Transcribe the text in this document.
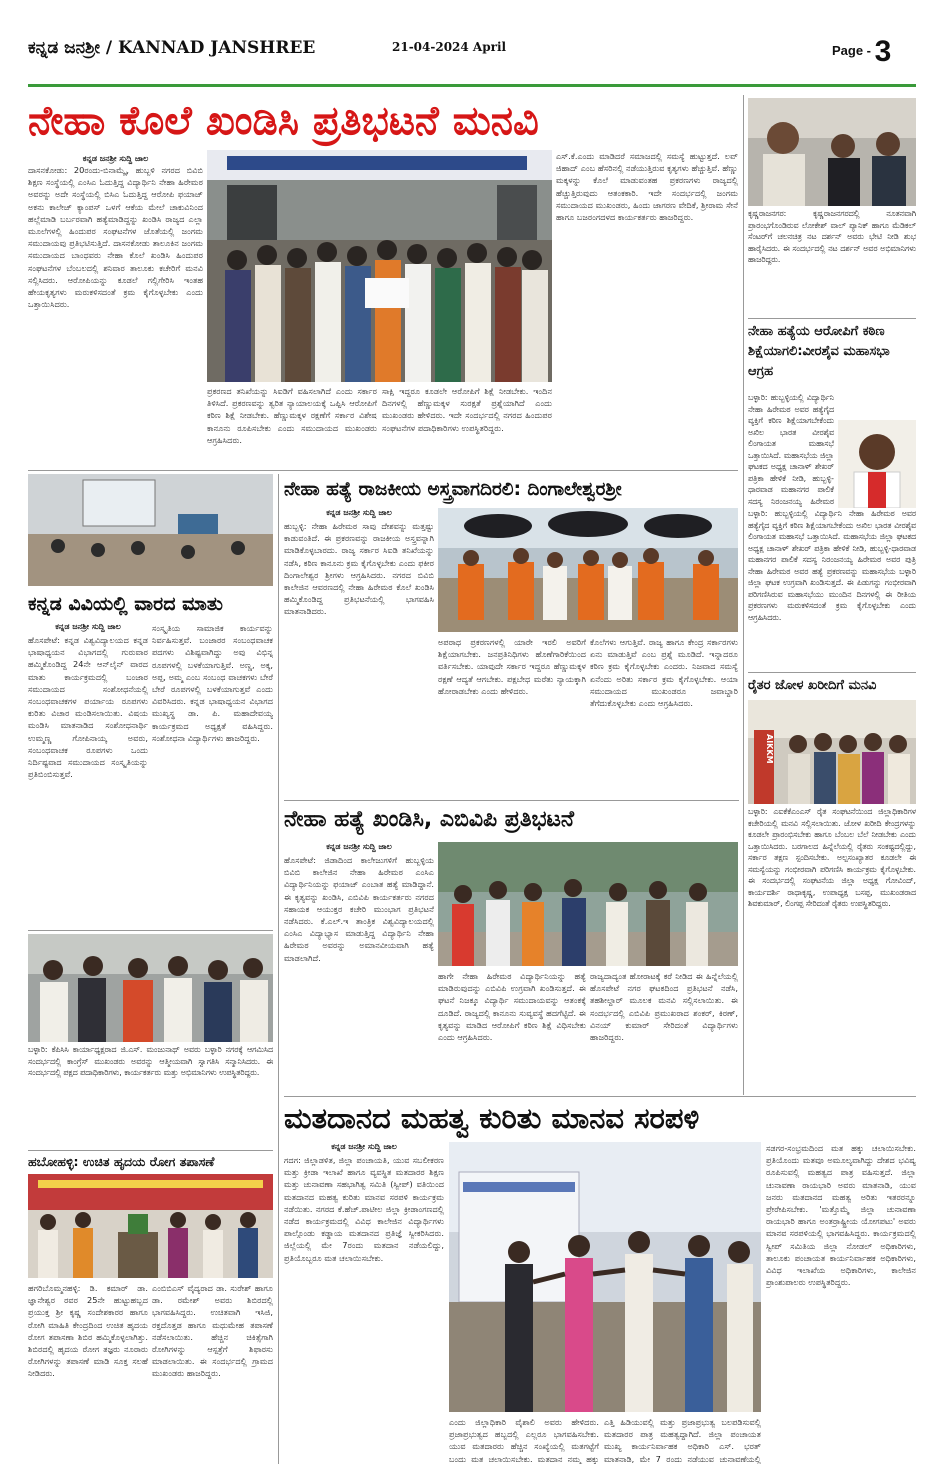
ಕನ್ನಡ ಜನಶ್ರೀ / KANNAD JANSHREE	21-04-2024 April	Page - 3
ನೇಹಾ ಕೊಲೆ ಖಂಡಿಸಿ ಪ್ರತಿಭಟನೆ ಮನವಿ
ಕನ್ನಡ ಜನಶ್ರೀ ಸುದ್ದಿ ಜಾಲ
ದಾಸನಕೋಡು: 20ರಂದು-ಬಿನಾಮ್ಕೈ, ಹುಬ್ಬಳಿ ನಗರದ ಬಿವಿಬಿ ಶಿಕ್ಷಣ ಸಂಸ್ಥೆಯಲ್ಲಿ ಎಂಸಿಎ ಓದುತ್ತಿದ್ದ ವಿದ್ಯಾರ್ಥಿನಿ ನೇಹಾ ಹಿರೇಮಠ ಅವರನ್ನು ಅದೇ ಸಂಸ್ಥೆಯಲ್ಲಿ ಬಿಸಿಎ ಓದುತ್ತಿದ್ದ ಆರೋಪಿ ಫಯಾಜ್ ಅಕನು ಕಾಲೇಜ್ ಕ್ಯಾಂಪಸ್ ಒಳಗೆ ಆಕೆಯ ಮೇಲೆ ಚಾಕುವಿನಿಂದ ಹಲ್ಲೆಮಾಡಿ ಬರ್ಬರವಾಗಿ ಹತ್ಯೆಮಾಡಿದ್ದನ್ನು ಖಂಡಿಸಿ ರಾಜ್ಯದ ಎಲ್ಲಾ ಮೂಲೆಗಳಲ್ಲಿ ಹಿಂದುಪರ ಸಂಘಟನೆಗಳ ಜೊತೆಯಲ್ಲಿ ಜಂಗಮ ಸಮುದಾಯವು ಪ್ರತಿಭಟಿಸುತ್ತಿದೆ. ದಾಸನಕೋಡು ತಾಲೂಕಿನ ಜಂಗಮ ಸಮುದಾಯದ ಬಾಂಧವರು ನೇಹಾ ಕೊಲೆ ಖಂಡಿಸಿ ಹಿಂದುಪರ ಸಂಘಟನೆಗಳ ಬೆಂಬಲದಲ್ಲಿ ಶನಿವಾರ ತಾಲೂಕು ಕಚೇರಿಗೆ ಮನವಿ ಸಲ್ಲಿಸಿದರು. ಆರೋಪಿಯನ್ನು ಕೂಡಲೆ ಗಲ್ಲಿಗೇರಿಸಿ ಇಂತಹ ಹೇಯಕೃತ್ಯಗಳು ಮರುಕಳಿಸದಂತೆ ಕ್ರಮ ಕೈಗೊಳ್ಳಬೇಕು ಎಂದು ಒತ್ತಾಯಿಸಿದರು.
ಪ್ರಕರಣದ ತನಿಖೆಯನ್ನು ಸಿಐಡಿಗೆ ವಹಿಸಲಾಗಿದೆ ಎಂದು ಸರ್ಕಾರ ತಿಳಿಸಿದೆ. ಪ್ರಕರಣವನ್ನು ತ್ವರಿತ ನ್ಯಾಯಾಲಯಕ್ಕೆ ಒಪ್ಪಿಸಿ ಆರೋಪಿಗೆ ಕಠಿಣ ಶಿಕ್ಷೆ ನೀಡಬೇಕು. ಹೆಣ್ಣುಮಕ್ಕಳ ರಕ್ಷಣೆಗೆ ಸರ್ಕಾರ ವಿಶೇಷ ಕಾನೂನು ರೂಪಿಸಬೇಕು ಎಂದು ಸಮುದಾಯದ ಮುಖಂಡರು ಆಗ್ರಹಿಸಿದರು.
ಸಾಕ್ಷಿ ಇದ್ದರೂ ಕೂಡಲೇ ಆರೋಪಿಗೆ ಶಿಕ್ಷೆ ನೀಡಬೇಕು. ಇಂದಿನ ದಿನಗಳಲ್ಲಿ ಹೆಣ್ಣುಮಕ್ಕಳ ಸುರಕ್ಷತೆ ಪ್ರಶ್ನೆಯಾಗಿದೆ ಎಂದು ಮುಖಂಡರು ಹೇಳಿದರು. ಇದೇ ಸಂದರ್ಭದಲ್ಲಿ ನಗರದ ಹಿಂದುಪರ ಸಂಘಟನೆಗಳ ಪದಾಧಿಕಾರಿಗಳು ಉಪಸ್ಥಿತರಿದ್ದರು.
ಎಸ್.ಕೆ.ಎಂದು ಮಾಡಿದರೆ ಸಮಾಜದಲ್ಲಿ ಸಮಸ್ಯೆ ಹುಟ್ಟುತ್ತದೆ. ಲವ್ ಜಿಹಾದ್ ಎಂಬ ಹೆಸರಿನಲ್ಲಿ ನಡೆಯುತ್ತಿರುವ ಕೃತ್ಯಗಳು ಹೆಚ್ಚುತ್ತಿವೆ. ಹೆಣ್ಣು ಮಕ್ಕಳನ್ನು ಕೊಲೆ ಮಾಡುವಂತಹ ಪ್ರಕರಣಗಳು ರಾಜ್ಯದಲ್ಲಿ ಹೆಚ್ಚುತ್ತಿರುವುದು ಆತಂಕಕಾರಿ. ಇದೇ ಸಂದರ್ಭದಲ್ಲಿ ಜಂಗಮ ಸಮುದಾಯದ ಮುಖಂಡರು, ಹಿಂದು ಜಾಗರಣ ವೇದಿಕೆ, ಶ್ರೀರಾಮ ಸೇನೆ ಹಾಗೂ ಬಜರಂಗದಳದ ಕಾರ್ಯಕರ್ತರು ಹಾಜರಿದ್ದರು.	ಕೃಷ್ಣರಾಜನಗರ: ಕೃಷ್ಣರಾಜನಗರದಲ್ಲಿ ನೂತನವಾಗಿ ಪ್ರಾರಂಭಗೊಂಡಿರುವ ಲೋಕೇಶ್ ವಾಲ್ ಪ್ಯಾನಿಕ್ ಹಾಗೂ ಮೆಡಿಕಲ್ ಸೆಂಟರ್‌ಗೆ ಚಲನಚಿತ್ರ ನಟ ದರ್ಶನ್ ಅವರು ಭೇಟಿ ನೀಡಿ ಶುಭ ಹಾರೈಸಿದರು. ಈ ಸಂದರ್ಭದಲ್ಲಿ ನಟ ದರ್ಶನ್ ಅವರ ಅಭಿಮಾನಿಗಳು ಹಾಜರಿದ್ದರು.
ನೇಹಾ ಹತ್ಯೆಯ ಆರೋಪಿಗೆ ಕಠಿಣ ಶಿಕ್ಷೆಯಾಗಲಿ:ವೀರಶೈವ ಮಹಾಸಭಾ ಆಗ್ರಹ
ಬಳ್ಳಾರಿ: ಹುಬ್ಬಳ್ಳಿಯಲ್ಲಿ ವಿದ್ಯಾರ್ಥಿನಿ ನೇಹಾ ಹಿರೇಮಠ ಅವರ ಹತ್ಯೆಗೈದ ವ್ಯಕ್ತಿಗೆ ಕಠಿಣ ಶಿಕ್ಷೆಯಾಗಬೇಕೆಂದು ಅಖಿಲ ಭಾರತ ವೀರಶೈವ ಲಿಂಗಾಯತ ಮಹಾಸಭೆ ಒತ್ತಾಯಿಸಿದೆ. ಮಹಾಸಭೆಯ ಜಿಲ್ಲಾ ಘಟಕದ ಅಧ್ಯಕ್ಷ ಚಾನಾಳ್ ಶೇಖರ್ ಪತ್ರಿಕಾ ಹೇಳಿಕೆ ನೀಡಿ, ಹುಬ್ಬಳ್ಳಿ-ಧಾರವಾಡ ಮಹಾನಗರ ಪಾಲಿಕೆ ಸದಸ್ಯ ನಿರಂಜನಯ್ಯ ಹಿರೇಮಠ
ಬಳ್ಳಾರಿ: ಹುಬ್ಬಳ್ಳಿಯಲ್ಲಿ ವಿದ್ಯಾರ್ಥಿನಿ ನೇಹಾ ಹಿರೇಮಠ ಅವರ ಹತ್ಯೆಗೈದ ವ್ಯಕ್ತಿಗೆ ಕಠಿಣ ಶಿಕ್ಷೆಯಾಗಬೇಕೆಂದು ಅಖಿಲ ಭಾರತ ವೀರಶೈವ ಲಿಂಗಾಯತ ಮಹಾಸಭೆ ಒತ್ತಾಯಿಸಿದೆ. ಮಹಾಸಭೆಯ ಜಿಲ್ಲಾ ಘಟಕದ ಅಧ್ಯಕ್ಷ ಚಾನಾಳ್ ಶೇಖರ್ ಪತ್ರಿಕಾ ಹೇಳಿಕೆ ನೀಡಿ, ಹುಬ್ಬಳ್ಳಿ-ಧಾರವಾಡ ಮಹಾನಗರ ಪಾಲಿಕೆ ಸದಸ್ಯ ನಿರಂಜನಯ್ಯ ಹಿರೇಮಠ ಅವರ ಪುತ್ರಿ ನೇಹಾ ಹಿರೇಮಠ ಅವರ ಹತ್ಯೆ ಪ್ರಕರಣವನ್ನು ಮಹಾಸಭೆಯ ಬಳ್ಳಾರಿ ಜಿಲ್ಲಾ ಘಟಕ ಉಗ್ರವಾಗಿ ಖಂಡಿಸುತ್ತದೆ. ಈ ಪಿಡುಗನ್ನು ಗಂಭೀರವಾಗಿ ಪರಿಗಣಿಸಿರುವ ಮಹಾಸಭೆಯು ಮುಂದಿನ ದಿನಗಳಲ್ಲಿ ಈ ರೀತಿಯ ಪ್ರಕರಣಗಳು ಮರುಕಳಿಸದಂತೆ ಕ್ರಮ ಕೈಗೊಳ್ಳಬೇಕು ಎಂದು ಆಗ್ರಹಿಸಿದರು.
ರೈತರ ಜೋಳ ಖರೀದಿಗೆ ಮನವಿ
AIKKM
ಬಳ್ಳಾರಿ: ಎಐಕೆಕೆಎಂಎಸ್ ರೈತ ಸಂಘಟನೆಯಿಂದ ಜಿಲ್ಲಾಧಿಕಾರಿಗಳ ಕಚೇರಿಯಲ್ಲಿ ಮನವಿ ಸಲ್ಲಿಸಲಾಯಿತು. ಜೋಳ ಖರೀದಿ ಕೇಂದ್ರಗಳನ್ನು ಕೂಡಲೇ ಪ್ರಾರಂಭಿಸಬೇಕು ಹಾಗೂ ಬೆಂಬಲ ಬೆಲೆ ನೀಡಬೇಕು ಎಂದು ಒತ್ತಾಯಿಸಿದರು. ಬರಗಾಲದ ಹಿನ್ನೆಲೆಯಲ್ಲಿ ರೈತರು ಸಂಕಷ್ಟದಲ್ಲಿದ್ದು, ಸರ್ಕಾರ ತಕ್ಷಣ ಸ್ಪಂದಿಸಬೇಕು. ಅಲ್ಪಸಂಖ್ಯಾತರ ಕೂಡಲೇ ಈ ಸಮಸ್ಯೆಯನ್ನು ಗಂಭೀರವಾಗಿ ಪರಿಗಣಿಸಿ ಕಾರ್ಯಕ್ರಮ ಕೈಗೊಳ್ಳಬೇಕು. ಈ ಸಂದರ್ಭದಲ್ಲಿ ಸಂಘಟನೆಯ ಜಿಲ್ಲಾ ಅಧ್ಯಕ್ಷ ಗೋವಿಂದ್, ಕಾರ್ಯದರ್ಶಿ ರಾಧಾಕೃಷ್ಣ, ಉಪಾಧ್ಯಕ್ಷ ಬಸಪ್ಪ, ಮುಖಂಡರಾದ ಶಿವಕುಮಾರ್, ಲಿಂಗಪ್ಪ ಸೇರಿದಂತೆ ರೈತರು ಉಪಸ್ಥಿತರಿದ್ದರು.
ಕನ್ನಡ ವಿವಿಯಲ್ಲಿ ವಾರದ ಮಾತು
ಕನ್ನಡ ಜನಶ್ರೀ ಸುದ್ದಿ ಜಾಲ
ಹೊಸಪೇಟೆ: ಕನ್ನಡ ವಿಶ್ವವಿದ್ಯಾಲಯದ ಕನ್ನಡ ಭಾಷಾಧ್ಯಯನ ವಿಭಾಗದಲ್ಲಿ ಗುರುವಾರ ಹಮ್ಮಿಕೊಂಡಿದ್ದ 24ನೇ ಆನ್‌ಲೈನ್ ವಾರದ ಮಾತು ಕಾರ್ಯಕ್ರಮದಲ್ಲಿ ಬಂಜಾರ ಸಮುದಾಯದ ಸಂಶೋಧನೆಯಲ್ಲಿ ಸಂಬಂಧವಾಚಕಗಳ ಪರ್ಯಾಯ ರೂಪಗಳು ಕುರಿತು ವಿಚಾರ ಮಂಡಿಸಲಾಯಿತು. ವಿಷಯ ಮಂಡಿಸಿ ಮಾತನಾಡಿದ ಸಂಶೋಧನಾರ್ಥಿ ಉಮ್ಮಣ್ಣ ಗೋಪಿನಾಯ್ಕ ಅವರು, ಸಂಬಂಧವಾಚಕ ರೂಪಗಳು ಒಂದು ನಿರ್ದಿಷ್ಟವಾದ ಸಮುದಾಯದ ಸಂಸ್ಕೃತಿಯನ್ನು ಪ್ರತಿಬಿಂಬಿಸುತ್ತವೆ.
ಸಂಸ್ಕೃತಿಯ ಸಾಮಾಜಿಕ ಕಾರ್ಯವನ್ನು ನಿರ್ವಹಿಸುತ್ತವೆ. ಬಂಜಾರರ ಸಂಬಂಧವಾಚಕ ಪದಗಳು ವಿಶಿಷ್ಟವಾಗಿದ್ದು ಅವು ವಿಭಿನ್ನ ರೂಪಗಳಲ್ಲಿ ಬಳಕೆಯಾಗುತ್ತಿವೆ. ಅಣ್ಣ, ಅಕ್ಕ, ಅಪ್ಪ, ಅಮ್ಮ ಎಂಬ ಸಂಬಂಧ ವಾಚಕಗಳು ಬೇರೆ ಬೇರೆ ರೂಪಗಳಲ್ಲಿ ಬಳಕೆಯಾಗುತ್ತವೆ ಎಂದು ವಿವರಿಸಿದರು. ಕನ್ನಡ ಭಾಷಾಧ್ಯಯನ ವಿಭಾಗದ ಮುಖ್ಯಸ್ಥ ಡಾ. ಪಿ. ಮಹಾದೇವಯ್ಯ ಕಾರ್ಯಕ್ರಮದ ಅಧ್ಯಕ್ಷತೆ ವಹಿಸಿದ್ದರು. ಸಂಶೋಧನಾ ವಿದ್ಯಾರ್ಥಿಗಳು ಹಾಜರಿದ್ದರು.
ಬಳ್ಳಾರಿ: ಕೆಪಿಸಿಸಿ ಕಾರ್ಯಾಧ್ಯಕ್ಷರಾದ ಜಿ.ಎಸ್. ಮಂಜುನಾಥ್ ಅವರು ಬಳ್ಳಾರಿ ನಗರಕ್ಕೆ ಆಗಮಿಸಿದ ಸಂದರ್ಭದಲ್ಲಿ ಕಾಂಗ್ರೆಸ್ ಮುಖಂಡರು ಅವರನ್ನು ಆತ್ಮೀಯವಾಗಿ ಸ್ವಾಗತಿಸಿ ಸನ್ಮಾನಿಸಿದರು. ಈ ಸಂದರ್ಭದಲ್ಲಿ ಪಕ್ಷದ ಪದಾಧಿಕಾರಿಗಳು, ಕಾರ್ಯಕರ್ತರು ಮತ್ತು ಅಭಿಮಾನಿಗಳು ಉಪಸ್ಥಿತರಿದ್ದರು.
ಹಬೋಹಳ್ಳಿ: ಉಚಿತ ಹೃದಯ ರೋಗ ತಪಾಸಣೆ
ಹಗರಿಬೊಮ್ಮನಹಳ್ಳಿ: ಡಿ. ಕಮಾರ್ ಡಾ. ಜ್ಞಾನೇಶ್ವರ ರವರ 25ನೇ ಹುಟ್ಟುಹಬ್ಬದ ಪ್ರಯುಕ್ತ ಶ್ರೀ ಕೃಷ್ಣ ಸಂದೇಶಕಾರರ ಹಾಗೂ ರೋಗಿ ಮಾಹಿತಿ ಕೇಂದ್ರದಿಂದ ಉಚಿತ ಹೃದಯ ರೋಗ ತಪಾಸಣಾ ಶಿಬಿರ ಹಮ್ಮಿಕೊಳ್ಳಲಾಗಿತ್ತು. ಶಿಬಿರದಲ್ಲಿ ಹೃದಯ ರೋಗ ತಜ್ಞರು ನೂರಾರು ರೋಗಿಗಳನ್ನು ತಪಾಸಣೆ ಮಾಡಿ ಸೂಕ್ತ ಸಲಹೆ ನೀಡಿದರು.
ಎಂಬಿಬಿಎಸ್ ವೈದ್ಯರಾದ ಡಾ. ಸುರೇಶ್ ಹಾಗೂ ಡಾ. ರಮೇಶ್ ಅವರು ಶಿಬಿರದಲ್ಲಿ ಭಾಗವಹಿಸಿದ್ದರು. ಉಚಿತವಾಗಿ ಇಸಿಜಿ, ರಕ್ತದೊತ್ತಡ ಹಾಗೂ ಮಧುಮೇಹ ತಪಾಸಣೆ ನಡೆಸಲಾಯಿತು. ಹೆಚ್ಚಿನ ಚಿಕಿತ್ಸೆಗಾಗಿ ರೋಗಿಗಳನ್ನು ಆಸ್ಪತ್ರೆಗೆ ಶಿಫಾರಸು ಮಾಡಲಾಯಿತು. ಈ ಸಂದರ್ಭದಲ್ಲಿ ಗ್ರಾಮದ ಮುಖಂಡರು ಹಾಜರಿದ್ದರು.
ನೇಹಾ ಹತ್ಯೆ ರಾಜಕೀಯ ಅಸ್ತ್ರವಾಗದಿರಲಿ: ದಿಂಗಾಲೇಶ್ವರಶ್ರೀ
ಕನ್ನಡ ಜನಶ್ರೀ ಸುದ್ದಿ ಜಾಲ
ಹುಬ್ಬಳ್ಳಿ: ನೇಹಾ ಹಿರೇಮಠ ಸಾವು ದೇಶವನ್ನು ಮತ್ತಷ್ಟು ಕಾಡುವಂತಿದೆ. ಈ ಪ್ರಕರಣವನ್ನು ರಾಜಕೀಯ ಅಸ್ತ್ರವನ್ನಾಗಿ ಮಾಡಿಕೊಳ್ಳಬಾರದು. ರಾಜ್ಯ ಸರ್ಕಾರ ಸಿಐಡಿ ತನಿಖೆಯನ್ನು ನಡೆಸಿ, ಕಠಿಣ ಕಾನೂನು ಕ್ರಮ ಕೈಗೊಳ್ಳಬೇಕು ಎಂದು ಫಕೀರ ದಿಂಗಾಲೇಶ್ವರ ಶ್ರೀಗಳು ಆಗ್ರಹಿಸಿದರು. ನಗರದ ಬಿವಿಬಿ ಕಾಲೇಜಿನ ಆವರಣದಲ್ಲಿ ನೇಹಾ ಹಿರೇಮಠ ಕೊಲೆ ಖಂಡಿಸಿ ಹಮ್ಮಿಕೊಂಡಿದ್ದ ಪ್ರತಿಭಟನೆಯಲ್ಲಿ ಭಾಗವಹಿಸಿ ಮಾತನಾಡಿದರು.
ಅಪರಾಧ ಪ್ರಕರಣಗಳಲ್ಲಿ ಯಾರೇ ಇರಲಿ ಅವರಿಗೆ ಶಿಕ್ಷೆಯಾಗಬೇಕು. ಜನಪ್ರತಿನಿಧಿಗಳು ಹೊಣೆಗಾರಿಕೆಯಿಂದ ವರ್ತಿಸಬೇಕು. ಯಾವುದೇ ಸರ್ಕಾರ ಇದ್ದರೂ ಹೆಣ್ಣುಮಕ್ಕಳ ರಕ್ಷಣೆ ಆದ್ಯತೆ ಆಗಬೇಕು. ಪಕ್ಷಬೇಧ ಮರೆತು ನ್ಯಾಯಕ್ಕಾಗಿ ಹೋರಾಡಬೇಕು ಎಂದು ಹೇಳಿದರು.
ಕೊಲೆಗಳು ಆಗುತ್ತಿವೆ. ರಾಜ್ಯ ಹಾಗೂ ಕೇಂದ್ರ ಸರ್ಕಾರಗಳು ಏನು ಮಾಡುತ್ತಿವೆ ಎಂಬ ಪ್ರಶ್ನೆ ಮೂಡಿದೆ. ಇನ್ನಾದರೂ ಕಠಿಣ ಕ್ರಮ ಕೈಗೊಳ್ಳಬೇಕು ಎಂದರು. ನಿಜವಾದ ಸಮಸ್ಯೆ ಏನೆಂದು ಅರಿತು ಸರ್ಕಾರ ಕ್ರಮ ಕೈಗೊಳ್ಳಬೇಕು. ಆಯಾ ಸಮುದಾಯದ ಮುಖಂಡರೂ ಜವಾಬ್ದಾರಿ ತೆಗೆದುಕೊಳ್ಳಬೇಕು ಎಂದು ಆಗ್ರಹಿಸಿದರು.
ನೇಹಾ ಹತ್ಯೆ ಖಂಡಿಸಿ, ಎಬಿವಿಪಿ ಪ್ರತಿಭಟನೆ
ಕನ್ನಡ ಜನಶ್ರೀ ಸುದ್ದಿ ಜಾಲ
ಹೊಸಪೇಟೆ: ಜಿಡಾದಿಂದ ಕಾಲೇಜುಗಳಿಗೆ ಹುಬ್ಬಳ್ಳಿಯ ಬಿವಿಬಿ ಕಾಲೇಜಿನ ನೇಹಾ ಹಿರೇಮಠ ಎಂಸಿಎ ವಿದ್ಯಾರ್ಥಿನಿಯನ್ನು ಫಯಾಜ್ ಎಂಬಾತ ಹತ್ಯೆ ಮಾಡಿದ್ದಾನೆ. ಈ ಕೃತ್ಯವನ್ನು ಖಂಡಿಸಿ, ಎಬಿವಿಪಿ ಕಾರ್ಯಕರ್ತರು ನಗರದ ಸಹಾಯಕ ಆಯುಕ್ತರ ಕಚೇರಿ ಮುಂಭಾಗ ಪ್ರತಿಭಟನೆ ನಡೆಸಿದರು. ಕೆ.ಎಲ್.ಇ ತಾಂತ್ರಿಕ ವಿಶ್ವವಿದ್ಯಾಲಯದಲ್ಲಿ ಎಂಸಿಎ ವಿದ್ಯಾಭ್ಯಾಸ ಮಾಡುತ್ತಿದ್ದ ವಿದ್ಯಾರ್ಥಿನಿ ನೇಹಾ ಹಿರೇಮಠ ಅವರನ್ನು ಅಮಾನವೀಯವಾಗಿ ಹತ್ಯೆ ಮಾಡಲಾಗಿದೆ.
ಹಾಗೇ ನೇಹಾ ಹಿರೇಮಠ ವಿದ್ಯಾರ್ಥಿನಿಯನ್ನು ಹತ್ಯೆ ಮಾಡಿರುವುದನ್ನು ಎಬಿವಿಪಿ ಉಗ್ರವಾಗಿ ಖಂಡಿಸುತ್ತದೆ. ಈ ಘಟನೆ ನಿಜಕ್ಕೂ ವಿದ್ಯಾರ್ಥಿ ಸಮುದಾಯವನ್ನು ಆತಂಕಕ್ಕೆ ದೂಡಿದೆ. ರಾಜ್ಯದಲ್ಲಿ ಕಾನೂನು ಸುವ್ಯವಸ್ಥೆ ಹದಗೆಟ್ಟಿದೆ. ಈ ಕೃತ್ಯವನ್ನು ಮಾಡಿದ ಆರೋಪಿಗೆ ಕಠಿಣ ಶಿಕ್ಷೆ ವಿಧಿಸಬೇಕು ಎಂದು ಆಗ್ರಹಿಸಿದರು.
ರಾಜ್ಯದಾದ್ಯಂತ ಹೋರಾಟಕ್ಕೆ ಕರೆ ನೀಡಿದ ಈ ಹಿನ್ನೆಲೆಯಲ್ಲಿ ಹೊಸಪೇಟೆ ನಗರ ಘಟಕದಿಂದ ಪ್ರತಿಭಟನೆ ನಡೆಸಿ, ತಹಶೀಲ್ದಾರ್ ಮೂಲಕ ಮನವಿ ಸಲ್ಲಿಸಲಾಯಿತು. ಈ ಸಂದರ್ಭದಲ್ಲಿ ಎಬಿವಿಪಿ ಪ್ರಮುಖರಾದ ಶಂಕರ್, ಕಿರಣ್, ವಿನಯ್ ಕುಮಾರ್ ಸೇರಿದಂತೆ ವಿದ್ಯಾರ್ಥಿಗಳು ಹಾಜರಿದ್ದರು.
ಮತದಾನದ ಮಹತ್ವ ಕುರಿತು ಮಾನವ ಸರಪಳಿ
ಕನ್ನಡ ಜನಶ್ರೀ ಸುದ್ದಿ ಜಾಲ
ಗದಗ: ಜಿಲ್ಲಾಡಳಿತ, ಜಿಲ್ಲಾ ಪಂಚಾಯತಿ, ಯುವ ಸಬಲೀಕರಣ ಮತ್ತು ಕ್ರೀಡಾ ಇಲಾಖೆ ಹಾಗೂ ವ್ಯವಸ್ಥಿತ ಮತದಾರರ ಶಿಕ್ಷಣ ಮತ್ತು ಚುನಾವಣಾ ಸಹಭಾಗಿತ್ವ ಸಮಿತಿ (ಸ್ವೀಪ್) ವತಿಯಿಂದ ಮತದಾನದ ಮಹತ್ವ ಕುರಿತು ಮಾನವ ಸರಪಳಿ ಕಾರ್ಯಕ್ರಮ ನಡೆಯಿತು. ನಗರದ ಕೆ.ಹೆಚ್.ಪಾಟೀಲ ಜಿಲ್ಲಾ ಕ್ರೀಡಾಂಗಣದಲ್ಲಿ ನಡೆದ ಕಾರ್ಯಕ್ರಮದಲ್ಲಿ ವಿವಿಧ ಕಾಲೇಜಿನ ವಿದ್ಯಾರ್ಥಿಗಳು ಪಾಲ್ಗೊಂಡು ಕಡ್ಡಾಯ ಮತದಾನದ ಪ್ರತಿಜ್ಞೆ ಸ್ವೀಕರಿಸಿದರು. ಜಿಲ್ಲೆಯಲ್ಲಿ ಮೇ 7ರಂದು ಮತದಾನ ನಡೆಯಲಿದ್ದು, ಪ್ರತಿಯೊಬ್ಬರೂ ಮತ ಚಲಾಯಿಸಬೇಕು.
ಎಂದು ಜಿಲ್ಲಾಧಿಕಾರಿ ವೈಶಾಲಿ ಅವರು ಹೇಳಿದರು. ಪ್ರಜಾಪ್ರಭುತ್ವದ ಹಬ್ಬದಲ್ಲಿ ಎಲ್ಲರೂ ಭಾಗವಹಿಸಬೇಕು. ಯುವ ಮತದಾರರು ಹೆಚ್ಚಿನ ಸಂಖ್ಯೆಯಲ್ಲಿ ಮತಗಟ್ಟೆಗೆ ಬಂದು ಮತ ಚಲಾಯಿಸಬೇಕು. ಮತದಾನ ನಮ್ಮ ಹಕ್ಕು
ಎತ್ತಿ ಹಿಡಿಯುವಲ್ಲಿ ಮತ್ತು ಪ್ರಜಾಪ್ರಭುತ್ವ ಬಲಪಡಿಸುವಲ್ಲಿ ಮತದಾರರ ಪಾತ್ರ ಮಹತ್ವದ್ದಾಗಿದೆ. ಜಿಲ್ಲಾ ಪಂಚಾಯತ ಮುಖ್ಯ ಕಾರ್ಯನಿರ್ವಾಹಕ ಅಧಿಕಾರಿ ಎಸ್. ಭರತ್ ಮಾತನಾಡಿ, ಮೇ 7 ರಂದು ನಡೆಯುವ ಚುನಾವಣೆಯಲ್ಲಿ
ಸಡಗರ-ಸಂಭ್ರಮದಿಂದ ಮತ ಹಕ್ಕು ಚಲಾಯಿಸಬೇಕು. ಪ್ರತಿಯೊಂದು ಮತವೂ ಅಮೂಲ್ಯವಾಗಿದ್ದು ದೇಶದ ಭವಿಷ್ಯ ರೂಪಿಸುವಲ್ಲಿ ಮಹತ್ವದ ಪಾತ್ರ ವಹಿಸುತ್ತದೆ. ಜಿಲ್ಲಾ ಚುನಾವಣಾ ರಾಯಭಾರಿ ಅವರು ಮಾತನಾಡಿ, ಯುವ ಜನರು ಮತದಾನದ ಮಹತ್ವ ಅರಿತು ಇತರರನ್ನೂ ಪ್ರೇರೇಪಿಸಬೇಕು. 'ಮತ್ತೊಮ್ಮೆ ಜಿಲ್ಲಾ ಚುನಾವಣಾ ರಾಯಭಾರಿ ಹಾಗೂ ಅಂತರ್ರಾಷ್ಟ್ರೀಯ ಯೋಗಪಟು' ಅವರು ಮಾನವ ಸರಪಳಿಯಲ್ಲಿ ಭಾಗವಹಿಸಿದ್ದರು. ಕಾರ್ಯಕ್ರಮದಲ್ಲಿ ಸ್ವೀಪ್ ಸಮಿತಿಯ ಜಿಲ್ಲಾ ನೋಡಲ್ ಅಧಿಕಾರಿಗಳು, ತಾಲೂಕು ಪಂಚಾಯತ ಕಾರ್ಯನಿರ್ವಾಹಕ ಅಧಿಕಾರಿಗಳು, ವಿವಿಧ ಇಲಾಖೆಯ ಅಧಿಕಾರಿಗಳು, ಕಾಲೇಜಿನ ಪ್ರಾಂಶುಪಾಲರು ಉಪಸ್ಥಿತರಿದ್ದರು.
